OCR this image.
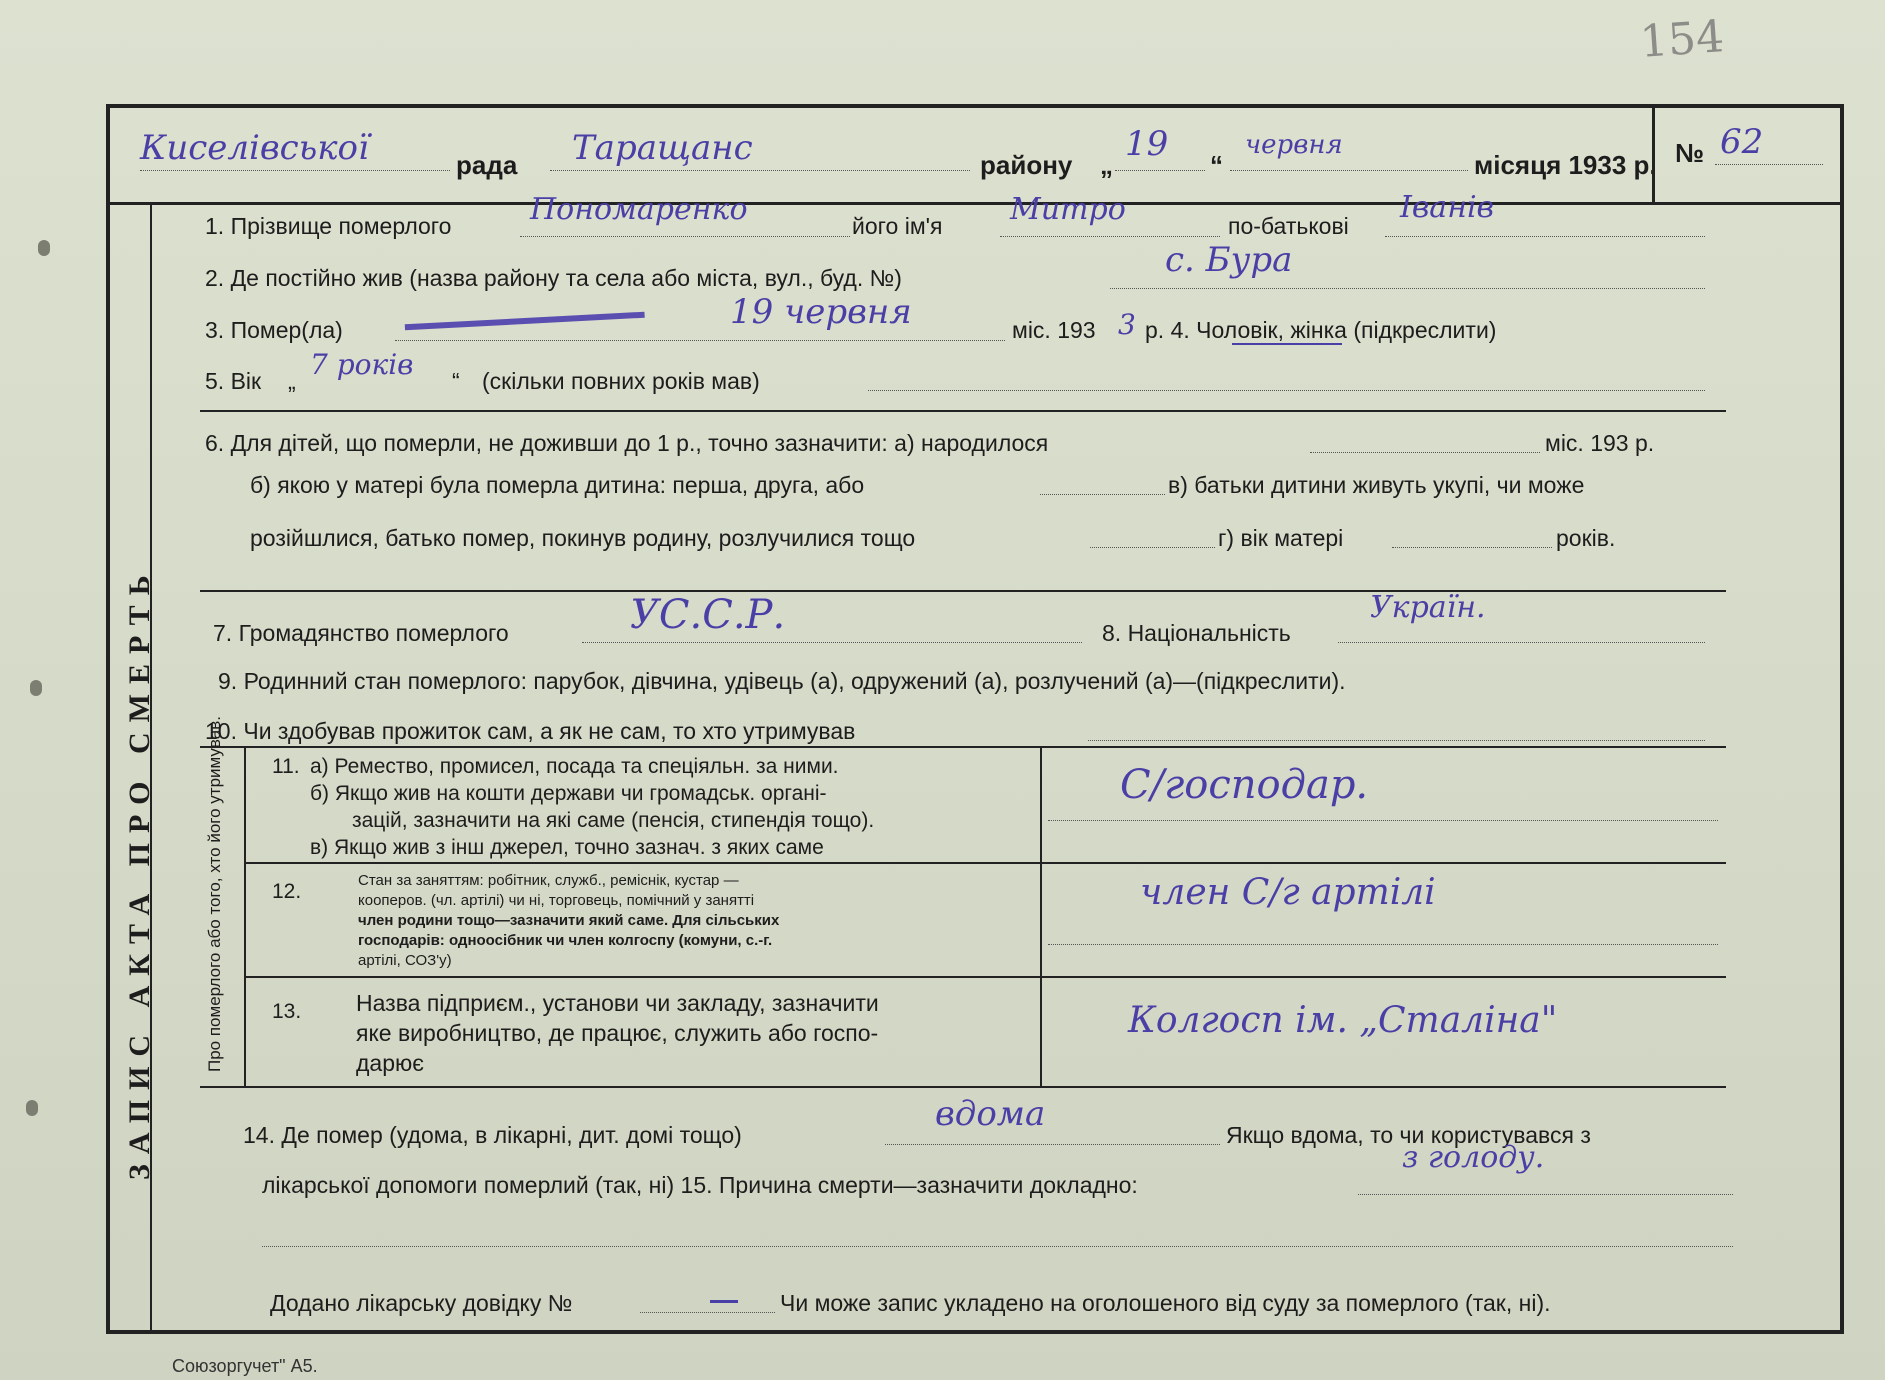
154
Киселівської	рада Таращанс	району „
19
“
червня
місяця 1933 р. № 62
ЗАПИС АКТА ПРО СМЕРТЬ
1. Прізвище померлого	Пономаренко	його ім'я Митро	по-батькові
Іванів
2. Де постійно жив (назва району та села або міста, вул., буд. №)	с. Бура
3. Помер(ла)	19 червня	міс. 193 3 р. 4. Чоловік, жінка (підкреслити)
5. Вік „ 7 років “ (скільки повних років мав)
6. Для дітей, що померли, не доживши до 1 р., точно зазначити: а) народилося	міс. 193 р.
б) якою у матері була померла дитина: перша, друга, або	в) батьки дитини живуть укупі, чи може
розійшлися, батько помер, покинув родину, розлучилися тощо	г) вік матері	років.
7. Громадянство померлого	УС.С.Р.	8. Національність
Україн.
9. Родинний стан померлого: парубок, дівчина, удівець (а), одружений (а), розлучений (а)—(підкреслити).
10. Чи здобував прожиток сам, а як не сам, то хто утримував
Про померлого або того, хто його утримував. 11. а) Ремество, промисел, посада та спеціяльн. за ними.
б) Якщо жив на кошти держави чи громадськ. органі-
зацій, зазначити на які саме (пенсія, стипендія тощо).
в) Якщо жив з інш джерел, точно зазнач. з яких саме
С/господар.
12.	Стан за заняттям: робітник, служб., реміснік, кустар —
кооперов. (чл. артілі) чи ні, торговець, помічний у занятті
член родини тощо—зазначити який саме. Для сільських
господарів: одноосібник чи член колгоспу (комуни, с.-г.
артілі, СОЗ'у)
член С/г артілі
13. Назва підприєм., установи чи закладу, зазначити
яке виробництво, де працює, служить або госпо-
дарює
Колгосп ім. „Сталіна"
14. Де помер (удома, в лікарні, дит. домі тощо)
вдома
Якщо вдома, то чи користувався з
лікарської допомоги померлий (так, ні) 15. Причина смерти—зазначити докладно:
з голоду.
Додано лікарську довідку №	Чи може запис укладено на оголошеного від суду за померлого (так, ні).
Союзоргучет" А5.
